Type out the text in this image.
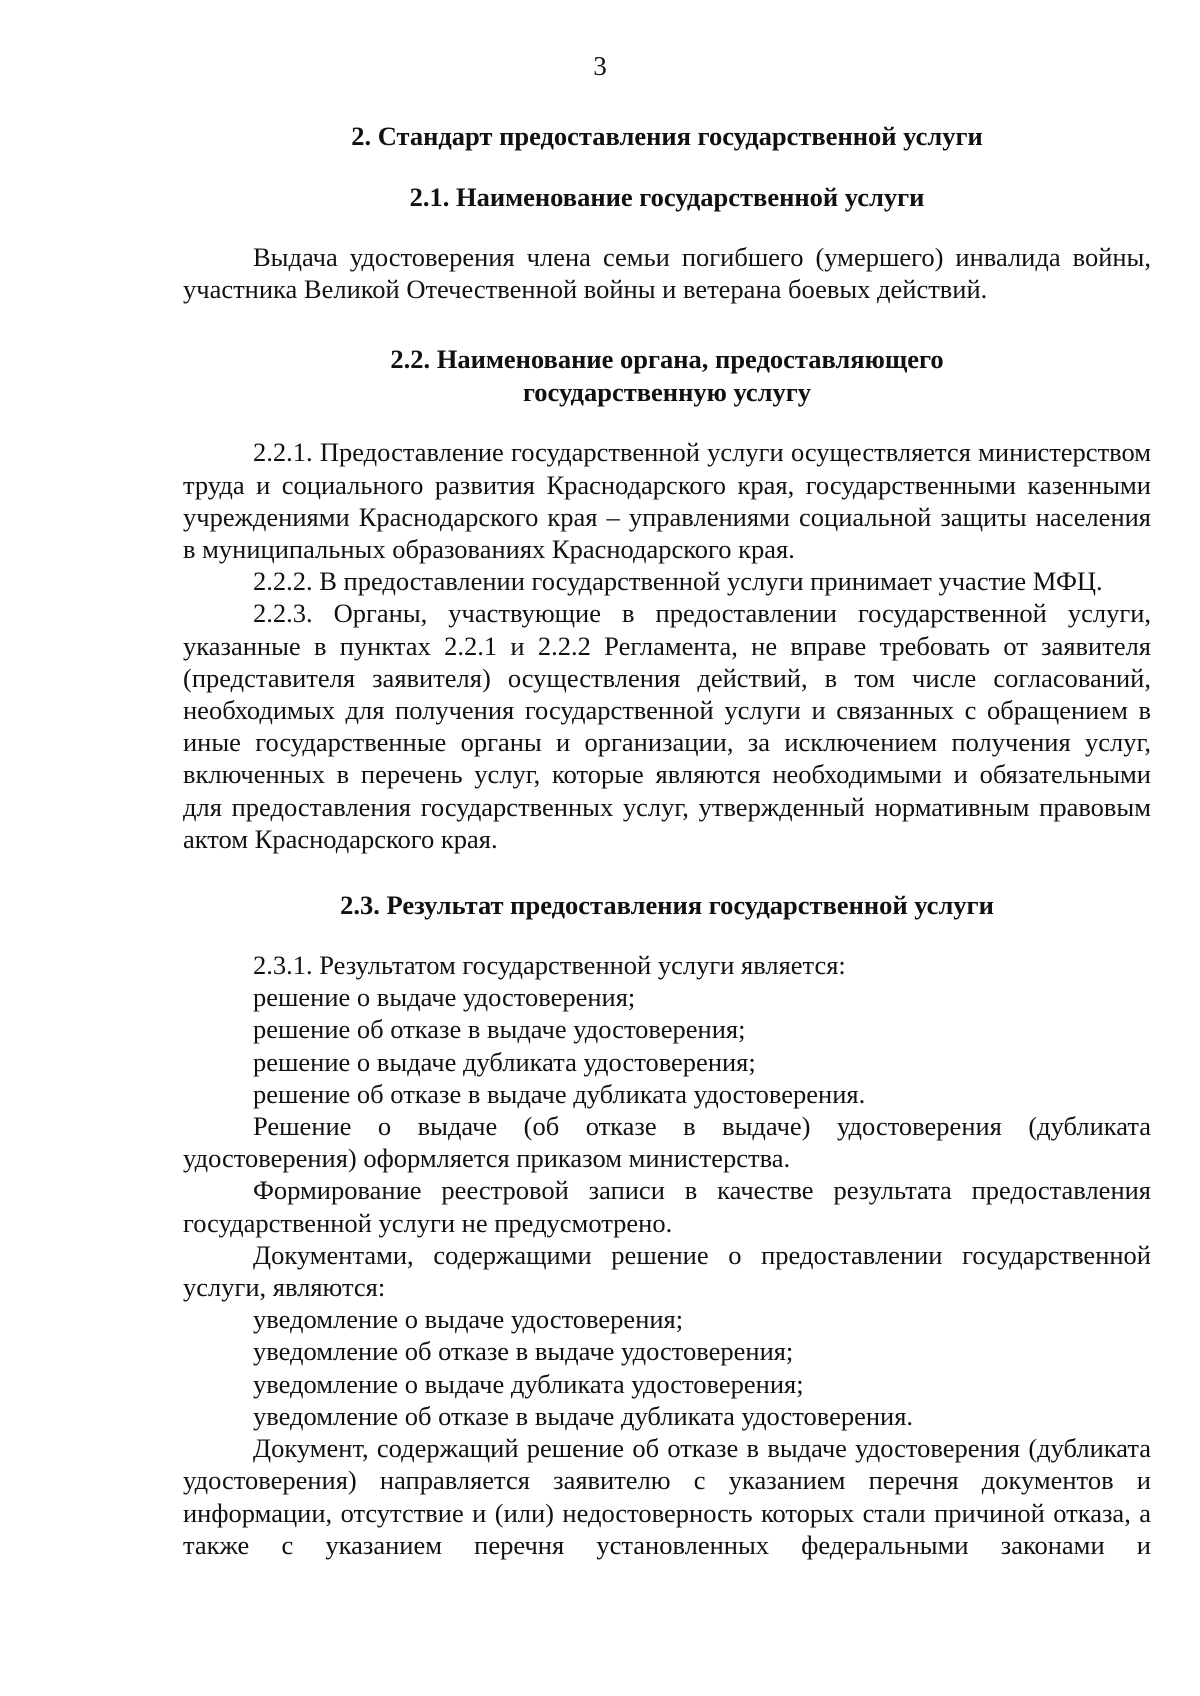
3
2. Стандарт предоставления государственной услуги
2.1. Наименование государственной услуги

Выдача удостоверения члена семьи погибшего (умершего) инвалида войны, участника Великой Отечественной войны и ветерана боевых действий.

2.2. Наименование органа, предоставляющего
государственную услугу

2.2.1. Предоставление государственной услуги осуществляется министерством труда и социального развития Краснодарского края, государственными казенными учреждениями Краснодарского края – управлениями социальной защиты населения в муниципальных образованиях Краснодарского края.

2.2.2. В предоставлении государственной услуги принимает участие МФЦ.

2.2.3. Органы, участвующие в предоставлении государственной услуги, указанные в пунктах 2.2.1 и 2.2.2 Регламента, не вправе требовать от заявителя (представителя заявителя) осуществления действий, в том числе согласований, необходимых для получения государственной услуги и связанных с обращением в иные государственные органы и организации, за исключением получения услуг, включенных в перечень услуг, которые являются необходимыми и обязательными для предоставления государственных услуг, утвержденный нормативным правовым актом Краснодарского края.

2.3. Результат предоставления государственной услуги

2.3.1. Результатом государственной услуги является:

решение о выдаче удостоверения;

решение об отказе в выдаче удостоверения;

решение о выдаче дубликата удостоверения;

решение об отказе в выдаче дубликата удостоверения.

Решение о выдаче (об отказе в выдаче) удостоверения (дубликата удостоверения) оформляется приказом министерства.

Формирование реестровой записи в качестве результата предоставления государственной услуги не предусмотрено.

Документами, содержащими решение о предоставлении государственной услуги, являются:

уведомление о выдаче удостоверения;

уведомление об отказе в выдаче удостоверения;

уведомление о выдаче дубликата удостоверения;

уведомление об отказе в выдаче дубликата удостоверения.

Документ, содержащий решение об отказе в выдаче удостоверения (дубликата удостоверения) направляется заявителю с указанием перечня документов и информации, отсутствие и (или) недостоверность которых стали причиной отказа, а также с указанием перечня установленных федеральными законами и
